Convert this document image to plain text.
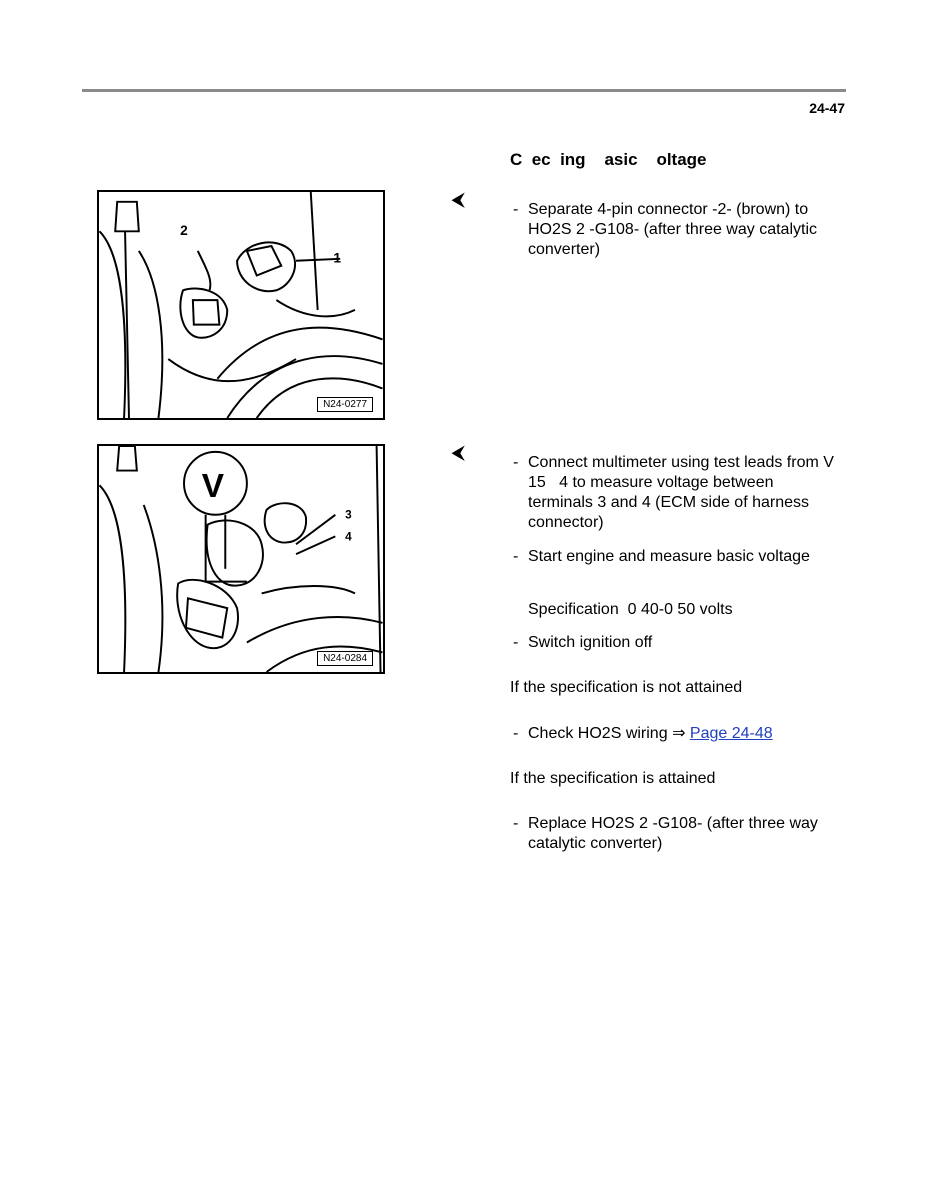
24-47
C  ec  ing    asic    oltage
2
1
N24-0277
⮜
- Separate 4-pin connector -2- (brown) to HO2S 2 -G108- (after three way catalytic converter)
V
3
4
N24-0284
⮜
- Connect multimeter using test leads from V     15   4 to measure voltage between terminals 3 and 4 (ECM side of harness connector)
- Start engine and measure basic voltage
Specification  0 40-0 50 volts
- Switch ignition off
If the specification is not attained
- Check HO2S wiring ⇒ Page 24-48
If the specification is attained
- Replace HO2S 2 -G108- (after three way catalytic converter)
